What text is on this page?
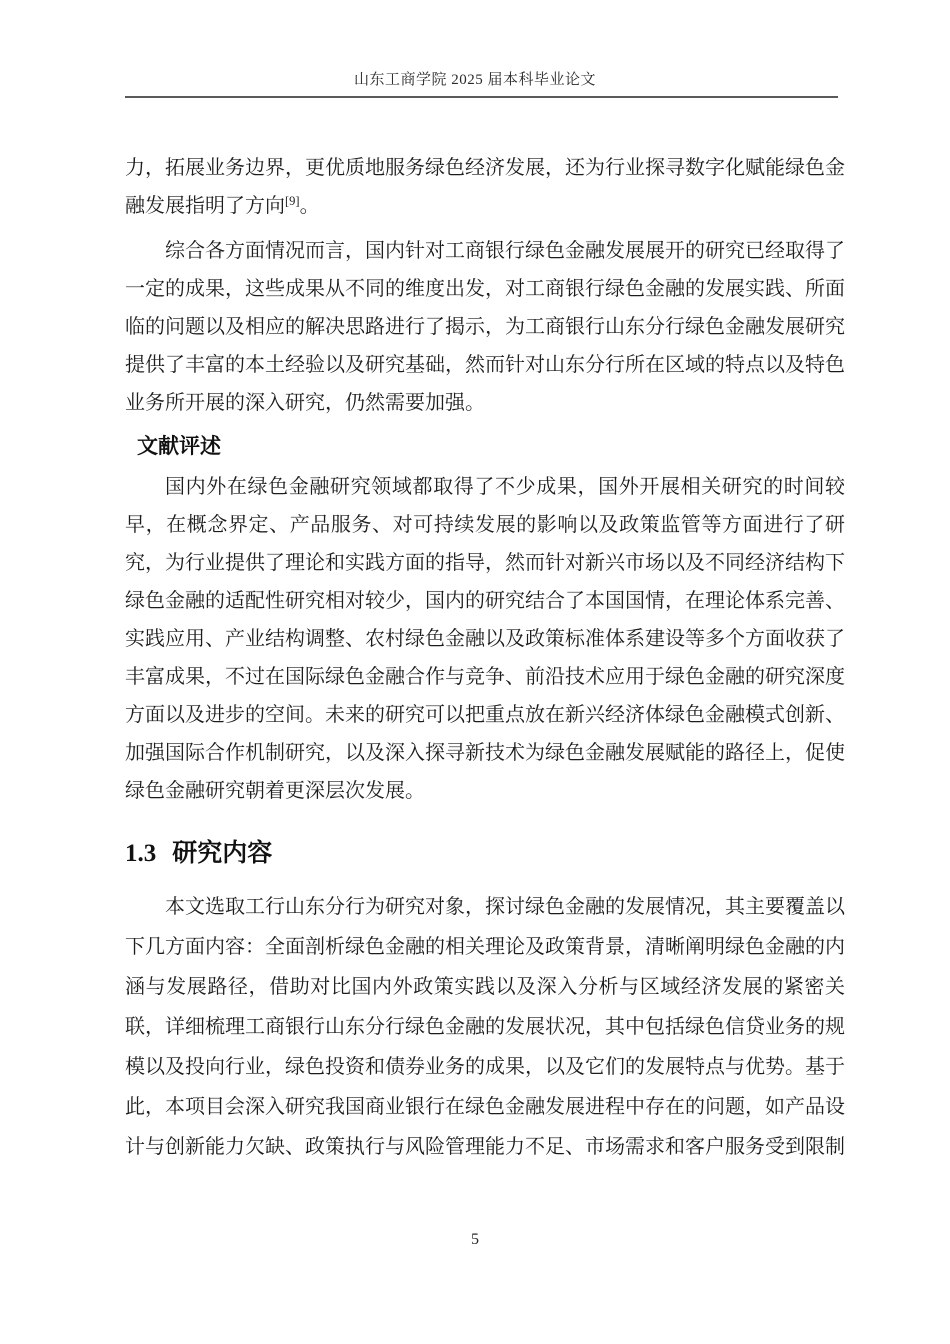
山东工商学院 2025 届本科毕业论文
力，拓展业务边界，更优质地服务绿色经济发展，还为行业探寻数字化赋能绿色金
融发展指明了方向[9]。
综合各方面情况而言，国内针对工商银行绿色金融发展展开的研究已经取得了
一定的成果，这些成果从不同的维度出发，对工商银行绿色金融的发展实践、所面
临的问题以及相应的解决思路进行了揭示，为工商银行山东分行绿色金融发展研究
提供了丰富的本土经验以及研究基础，然而针对山东分行所在区域的特点以及特色
业务所开展的深入研究，仍然需要加强。
文献评述
国内外在绿色金融研究领域都取得了不少成果，国外开展相关研究的时间较
早，在概念界定、产品服务、对可持续发展的影响以及政策监管等方面进行了研
究，为行业提供了理论和实践方面的指导，然而针对新兴市场以及不同经济结构下
绿色金融的适配性研究相对较少，国内的研究结合了本国国情，在理论体系完善、
实践应用、产业结构调整、农村绿色金融以及政策标准体系建设等多个方面收获了
丰富成果，不过在国际绿色金融合作与竞争、前沿技术应用于绿色金融的研究深度
方面以及进步的空间。未来的研究可以把重点放在新兴经济体绿色金融模式创新、
加强国际合作机制研究，以及深入探寻新技术为绿色金融发展赋能的路径上，促使
绿色金融研究朝着更深层次发展。
1.3 研究内容
本文选取工行山东分行为研究对象，探讨绿色金融的发展情况，其主要覆盖以
下几方面内容：全面剖析绿色金融的相关理论及政策背景，清晰阐明绿色金融的内
涵与发展路径，借助对比国内外政策实践以及深入分析与区域经济发展的紧密关
联，详细梳理工商银行山东分行绿色金融的发展状况，其中包括绿色信贷业务的规
模以及投向行业，绿色投资和债券业务的成果，以及它们的发展特点与优势。基于
此，本项目会深入研究我国商业银行在绿色金融发展进程中存在的问题，如产品设
计与创新能力欠缺、政策执行与风险管理能力不足、市场需求和客户服务受到限制
5
